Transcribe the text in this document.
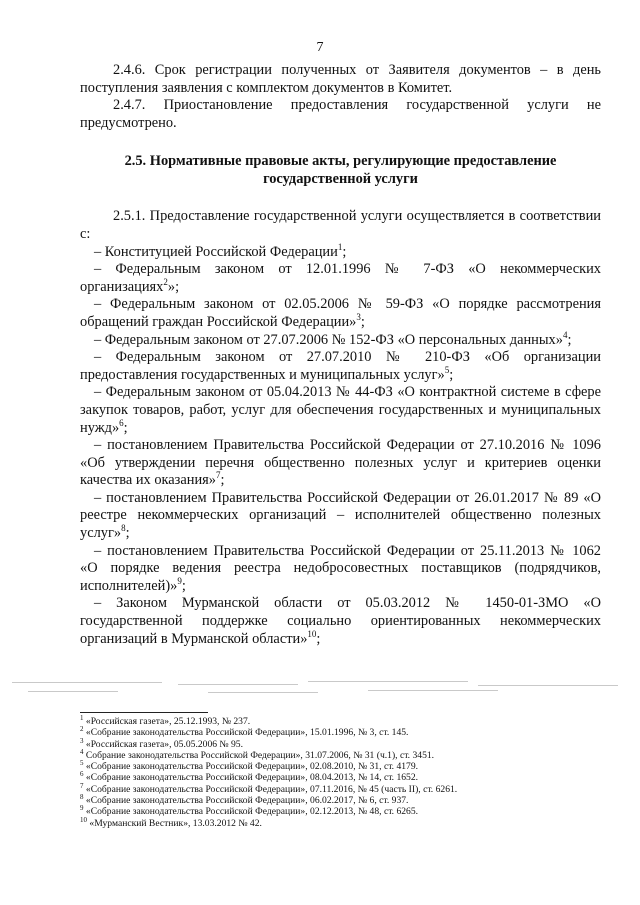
7

2.4.6. Срок регистрации полученных от Заявителя документов – в день поступления заявления с комплектом документов в Комитет.

2.4.7. Приостановление предоставления государственной услуги не предусмотрено.

2.5. Нормативные правовые акты, регулирующие предоставление государственной услуги

2.5.1. Предоставление государственной услуги осуществляется в соответствии с:

– Конституцией Российской Федерации$^1$;

– Федеральным законом от 12.01.1996 № 7-ФЗ «О некоммерческих организациях$^2$»;

– Федеральным законом от 02.05.2006 № 59-ФЗ «О порядке рассмотрения обращений граждан Российской Федерации»$^3$;

– Федеральным законом от 27.07.2006 № 152-ФЗ «О персональных данных»$^4$;

– Федеральным законом от 27.07.2010 № 210-ФЗ «Об организации предоставления государственных и муниципальных услуг»$^5$;

– Федеральным законом от 05.04.2013 № 44-ФЗ «О контрактной системе в сфере закупок товаров, работ, услуг для обеспечения государственных и муниципальных нужд»$^6$;

– постановлением Правительства Российской Федерации от 27.10.2016 № 1096 «Об утверждении перечня общественно полезных услуг и критериев оценки качества их оказания»$^7$;

– постановлением Правительства Российской Федерации от 26.01.2017 № 89 «О реестре некоммерческих организаций – исполнителей общественно полезных услуг»$^8$;

– постановлением Правительства Российской Федерации от 25.11.2013 № 1062 «О порядке ведения реестра недобросовестных поставщиков (подрядчиков, исполнителей)»$^9$;

– Законом Мурманской области от 05.03.2012 № 1450-01-ЗМО «О государственной поддержке социально ориентированных некоммерческих организаций в Мурманской области»$^{10}$;

$^1$ «Российская газета», 25.12.1993, № 237.

$^2$ «Собрание законодательства Российской Федерации», 15.01.1996, № 3, ст. 145.

$^3$ «Российская газета», 05.05.2006 № 95.

$^4$ Собрание законодательства Российской Федерации», 31.07.2006, № 31 (ч.1), ст. 3451.

$^5$ «Собрание законодательства Российской Федерации», 02.08.2010, № 31, ст. 4179.

$^6$ «Собрание законодательства Российской Федерации», 08.04.2013, № 14, ст. 1652.

$^7$ «Собрание законодательства Российской Федерации», 07.11.2016, № 45 (часть II), ст. 6261.

$^8$ «Собрание законодательства Российской Федерации», 06.02.2017, № 6, ст. 937.

$^9$ «Собрание законодательства Российской Федерации», 02.12.2013, № 48, ст. 6265.

$^{10}$ «Мурманский Вестник», 13.03.2012 № 42.
